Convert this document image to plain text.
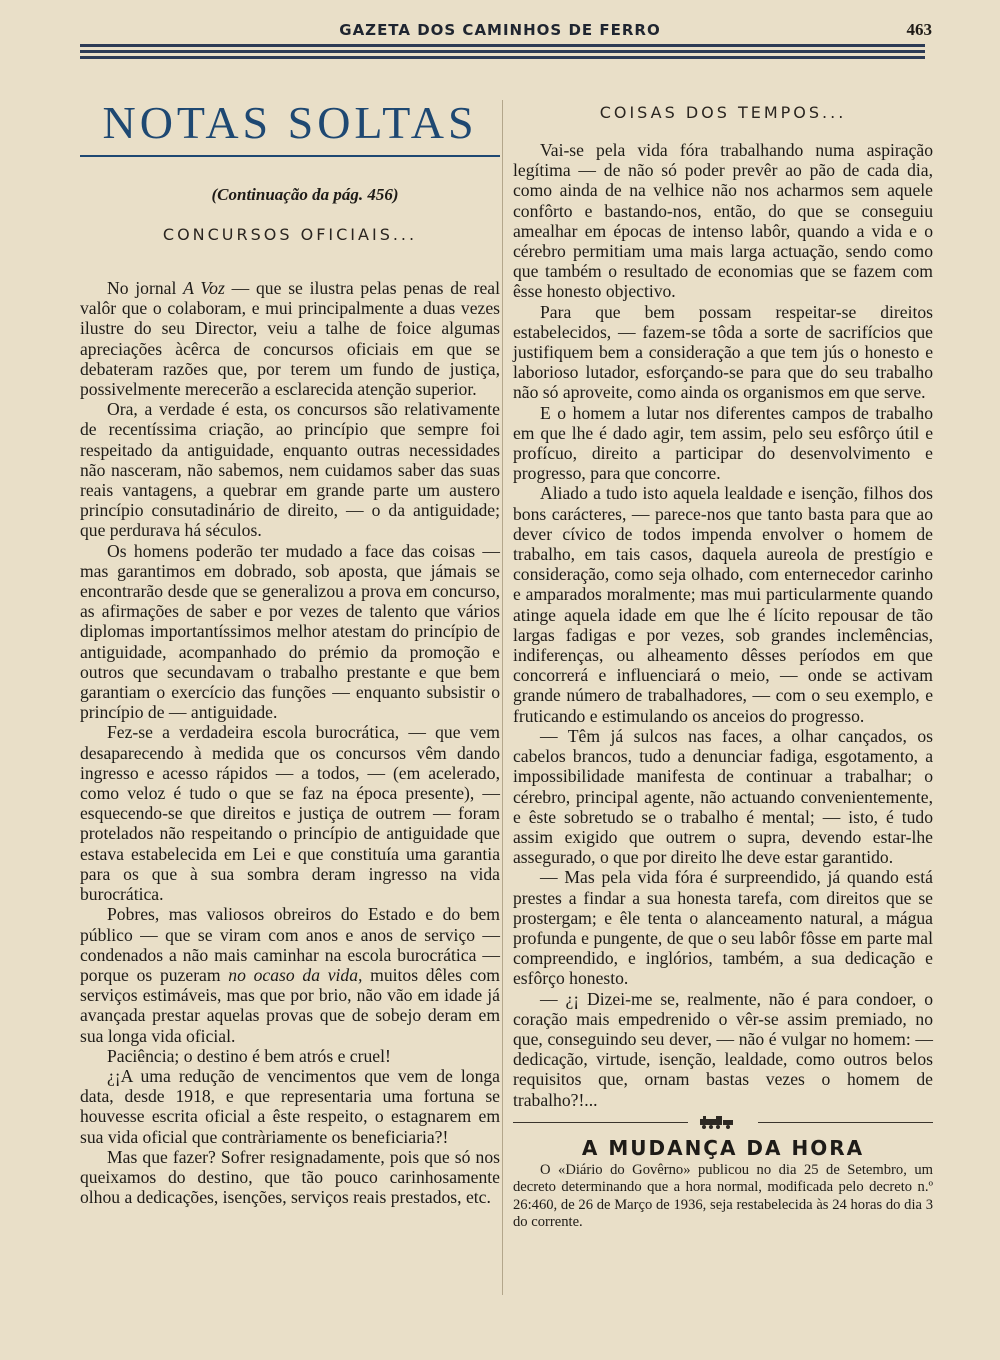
GAZETA DOS CAMINHOS DE FERRO	463
NOTAS SOLTAS
(Continuação da pág. 456)
CONCURSOS OFICIAIS...

No jornal A Voz — que se ilustra pelas penas de real valôr que o colaboram, e mui principalmente a duas vezes ilustre do seu Director, veiu a talhe de foice algumas apreciações àcêrca de concursos oficiais em que se debateram razões que, por terem um fundo de justiça, possivelmente merecerão a esclarecida atenção superior.

Ora, a verdade é esta, os concursos são relativamente de recentíssima criação, ao princípio que sempre foi respeitado da antiguidade, enquanto outras necessidades não nasceram, não sabemos, nem cuidamos saber das suas reais vantagens, a quebrar em grande parte um austero princípio consutadinário de direito, — o da antiguidade; que perdurava há séculos.

Os homens poderão ter mudado a face das coisas — mas garantimos em dobrado, sob aposta, que jámais se encontrarão desde que se generalizou a prova em concurso, as afirmações de saber e por vezes de talento que vários diplomas importantíssimos melhor atestam do princípio de antiguidade, acompanhado do prémio da promoção e outros que secundavam o trabalho prestante e que bem garantiam o exercício das funções — enquanto subsistir o princípio de — antiguidade.

Fez-se a verdadeira escola burocrática, — que vem desaparecendo à medida que os concursos vêm dando ingresso e acesso rápidos — a todos, — (em acelerado, como veloz é tudo o que se faz na época presente), — esquecendo-se que direitos e justiça de outrem — foram protelados não respeitando o princípio de antiguidade que estava estabelecida em Lei e que constituía uma garantia para os que à sua sombra deram ingresso na vida burocrática.

Pobres, mas valiosos obreiros do Estado e do bem público — que se viram com anos e anos de serviço — condenados a não mais caminhar na escola burocrática — porque os puzeram no ocaso da vida, muitos dêles com serviços estimáveis, mas que por brio, não vão em idade já avançada prestar aquelas provas que de sobejo deram em sua longa vida oficial.

Paciência; o destino é bem atrós e cruel!

¿¡A uma redução de vencimentos que vem de longa data, desde 1918, e que representaria uma fortuna se houvesse escrita oficial a êste respeito, o estagnarem em sua vida oficial que contràriamente os beneficiaria?!

Mas que fazer? Sofrer resignadamente, pois que só nos queixamos do destino, que tão pouco carinhosamente olhou a dedicações, isenções, serviços reais prestados, etc.

COISAS DOS TEMPOS...

Vai-se pela vida fóra trabalhando numa aspiração legítima — de não só poder prevêr ao pão de cada dia, como ainda de na velhice não nos acharmos sem aquele confôrto e bastando-nos, então, do que se conseguiu amealhar em épocas de intenso labôr, quando a vida e o cérebro permitiam uma mais larga actuação, sendo como que também o resultado de economias que se fazem com êsse honesto objectivo.

Para que bem possam respeitar-se direitos estabelecidos, — fazem-se tôda a sorte de sacrifícios que justifiquem bem a consideração a que tem jús o honesto e laborioso lutador, esforçando-se para que do seu trabalho não só aproveite, como ainda os organismos em que serve.

E o homem a lutar nos diferentes campos de trabalho em que lhe é dado agir, tem assim, pelo seu esfôrço útil e profícuo, direito a participar do desenvolvimento e progresso, para que concorre.

Aliado a tudo isto aquela lealdade e isenção, filhos dos bons carácteres, — parece-nos que tanto basta para que ao dever cívico de todos impenda envolver o homem de trabalho, em tais casos, daquela aureola de prestígio e consideração, como seja olhado, com enternecedor carinho e amparados moralmente; mas mui particularmente quando atinge aquela idade em que lhe é lícito repousar de tão largas fadigas e por vezes, sob grandes inclemências, indiferenças, ou alheamento dêsses períodos em que concorrerá e influenciará o meio, — onde se activam grande número de trabalhadores, — com o seu exemplo, e fruticando e estimulando os anceios do progresso.

— Têm já sulcos nas faces, a olhar cançados, os cabelos brancos, tudo a denunciar fadiga, esgotamento, a impossibilidade manifesta de continuar a trabalhar; o cérebro, principal agente, não actuando convenientemente, e êste sobretudo se o trabalho é mental; — isto, é tudo assim exigido que outrem o supra, devendo estar-lhe assegurado, o que por direito lhe deve estar garantido.

— Mas pela vida fóra é surpreendido, já quando está prestes a findar a sua honesta tarefa, com direitos que se prostergam; e êle tenta o alanceamento natural, a mágua profunda e pungente, de que o seu labôr fôsse em parte mal compreendido, e inglórios, também, a sua dedicação e esfôrço honesto.

— ¿¡ Dizei-me se, realmente, não é para condoer, o coração mais empedrenido o vêr-se assim premiado, no que, conseguindo seu dever, — não é vulgar no homem: — dedicação, virtude, isenção, lealdade, como outros belos requisitos que, ornam bastas vezes o homem de trabalho?!...

A MUDANÇA DA HORA

O «Diário do Govêrno» publicou no dia 25 de Setembro, um decreto determinando que a hora normal, modificada pelo decreto n.º 26:460, de 26 de Março de 1936, seja restabelecida às 24 horas do dia 3 do corrente.
